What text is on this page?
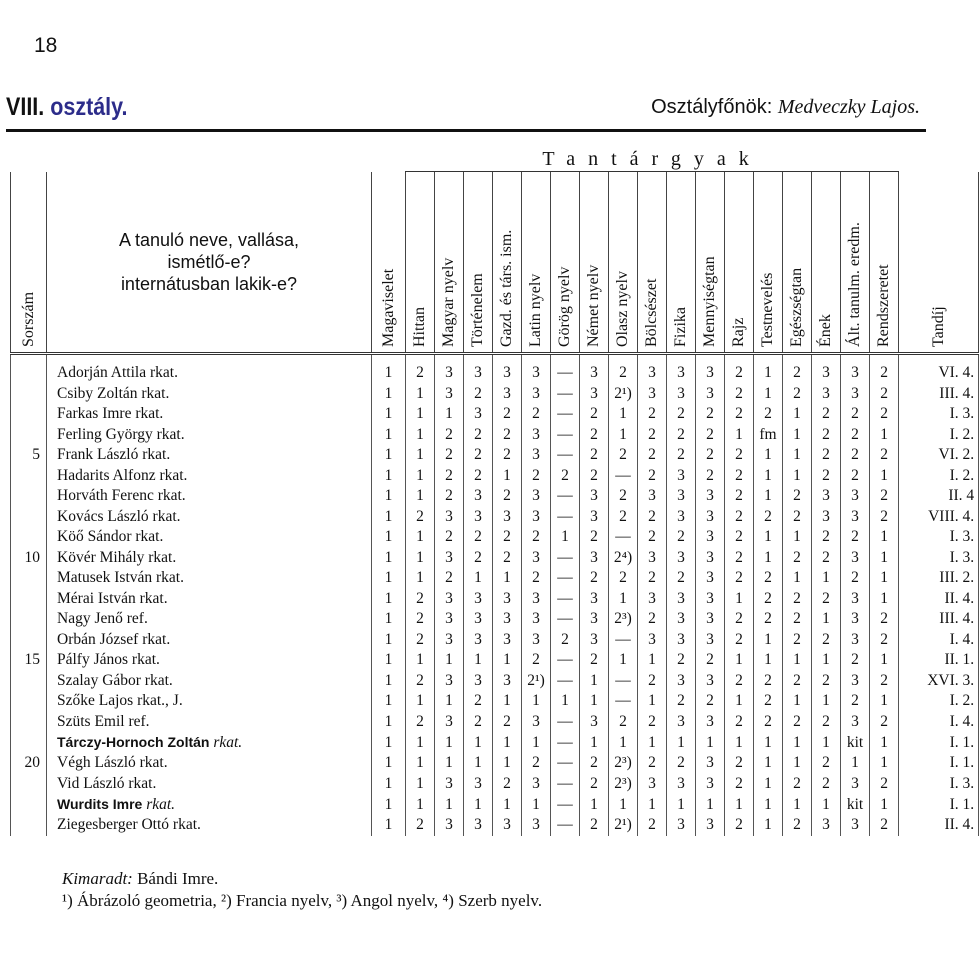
18
VIII. osztály.	Osztályfőnök: Medveczky Lajos.
			Tantárgyak																	
Sorszám	A tanuló neve, vallása,
ismétlő-e?
internátusban lakik-e?	Magaviselet	Hittan	Magyar nyelv	Történelem	Gazd. és társ. ism.	Latin nyelv	Görög nyelv	Német nyelv	Olasz nyelv	Bölcsészet	Fizika	Mennyiségtan	Rajz	Testnevelés	Egészségtan	Ének	Ált. tanulm. eredm.	Rendszeretet	Tandíj
	Adorján Attila rkat.	1	2	3	3	3	3	—	3	2	3	3	3	2	1	2	3	3	2	VI. 4.
	Csiby Zoltán rkat.	1	1	3	2	3	3	—	3	2¹)	3	3	3	2	1	2	3	3	2	III. 4.
	Farkas Imre rkat.	1	1	1	3	2	2	—	2	1	2	2	2	2	2	1	2	2	2	I. 3.
	Ferling György rkat.	1	1	2	2	2	3	—	2	1	2	2	2	1	fm	1	2	2	1	I. 2.
5	Frank László rkat.	1	1	2	2	2	3	—	2	2	2	2	2	2	1	1	2	2	2	VI. 2.
	Hadarits Alfonz rkat.	1	1	2	2	1	2	2	2	—	2	3	2	2	1	1	2	2	1	I. 2.
	Horváth Ferenc rkat.	1	1	2	3	2	3	—	3	2	3	3	3	2	1	2	3	3	2	II. 4
	Kovács László rkat.	1	2	3	3	3	3	—	3	2	2	3	3	2	2	2	3	3	2	VIII. 4.
	Köő Sándor rkat.	1	1	2	2	2	2	1	2	—	2	2	3	2	1	1	2	2	1	I. 3.
10	Kövér Mihály rkat.	1	1	3	2	2	3	—	3	2⁴)	3	3	3	2	1	2	2	3	1	I. 3.
	Matusek István rkat.	1	1	2	1	1	2	—	2	2	2	2	3	2	2	1	1	2	1	III. 2.
	Mérai István rkat.	1	2	3	3	3	3	—	3	1	3	3	3	1	2	2	2	3	1	II. 4.
	Nagy Jenő ref.	1	2	3	3	3	3	—	3	2³)	2	3	3	2	2	2	1	3	2	III. 4.
	Orbán József rkat.	1	2	3	3	3	3	2	3	—	3	3	3	2	1	2	2	3	2	I. 4.
15	Pálfy János rkat.	1	1	1	1	1	2	—	2	1	1	2	2	1	1	1	1	2	1	II. 1.
	Szalay Gábor rkat.	1	2	3	3	3	2¹)	—	1	—	2	3	3	2	2	2	2	3	2	XVI. 3.
	Szőke Lajos rkat., J.	1	1	1	2	1	1	1	1	—	1	2	2	1	2	1	1	2	1	I. 2.
	Szüts Emil ref.	1	2	3	2	2	3	—	3	2	2	3	3	2	2	2	2	3	2	I. 4.
	Tárczy-Hornoch Zoltán rkat.	1	1	1	1	1	1	—	1	1	1	1	1	1	1	1	1	kit	1	I. 1.
20	Végh László rkat.	1	1	1	1	1	2	—	2	2³)	2	2	3	2	1	1	2	1	1	I. 1.
	Vid László rkat.	1	1	3	3	2	3	—	2	2³)	3	3	3	2	1	2	2	3	2	I. 3.
	Wurdits Imre rkat.	1	1	1	1	1	1	—	1	1	1	1	1	1	1	1	1	kit	1	I. 1.
	Ziegesberger Ottó rkat.	1	2	3	3	3	3	—	2	2¹)	2	3	3	2	1	2	3	3	2	II. 4.
Kimaradt: Bándi Imre.
¹) Ábrázoló geometria, ²) Francia nyelv, ³) Angol nyelv, ⁴) Szerb nyelv.
